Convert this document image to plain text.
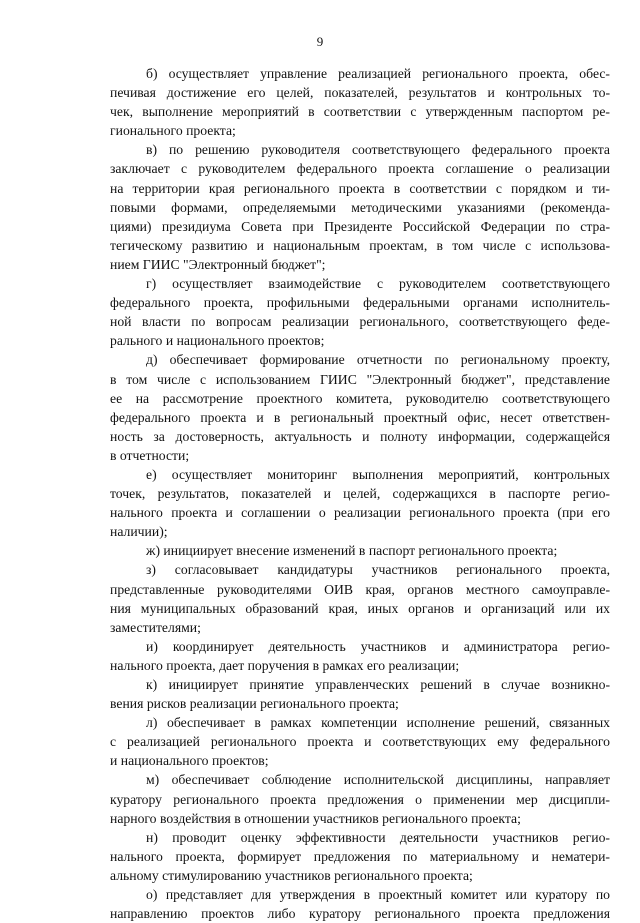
9
б) осуществляет управление реализацией регионального проекта, обес-
печивая достижение его целей, показателей, результатов и контрольных то-
чек, выполнение мероприятий в соответствии с утвержденным паспортом ре-
гионального проекта;
в) по решению руководителя соответствующего федерального проекта
заключает с руководителем федерального проекта соглашение о реализации
на территории края регионального проекта в соответствии с порядком и ти-
повыми формами, определяемыми методическими указаниями (рекоменда-
циями) президиума Совета при Президенте Российской Федерации по стра-
тегическому развитию и национальным проектам, в том числе с использова-
нием ГИИС "Электронный бюджет";
г) осуществляет взаимодействие с руководителем соответствующего
федерального проекта, профильными федеральными органами исполнитель-
ной власти по вопросам реализации регионального, соответствующего феде-
рального и национального проектов;
д) обеспечивает формирование отчетности по региональному проекту,
в том числе с использованием ГИИС "Электронный бюджет", представление
ее на рассмотрение проектного комитета, руководителю соответствующего
федерального проекта и в региональный проектный офис, несет ответствен-
ность за достоверность, актуальность и полноту информации, содержащейся
в отчетности;
е) осуществляет мониторинг выполнения мероприятий, контрольных
точек, результатов, показателей и целей, содержащихся в паспорте регио-
нального проекта и соглашении о реализации регионального проекта (при его
наличии);
ж) инициирует внесение изменений в паспорт регионального проекта;
з) согласовывает кандидатуры участников регионального проекта,
представленные руководителями ОИВ края, органов местного самоуправле-
ния муниципальных образований края, иных органов и организаций или их
заместителями;
и) координирует деятельность участников и администратора регио-
нального проекта, дает поручения в рамках его реализации;
к) инициирует принятие управленческих решений в случае возникно-
вения рисков реализации регионального проекта;
л) обеспечивает в рамках компетенции исполнение решений, связанных
с реализацией регионального проекта и соответствующих ему федерального
и национального проектов;
м) обеспечивает соблюдение исполнительской дисциплины, направляет
куратору регионального проекта предложения о применении мер дисципли-
нарного воздействия в отношении участников регионального проекта;
н) проводит оценку эффективности деятельности участников регио-
нального проекта, формирует предложения по материальному и нематери-
альному стимулированию участников регионального проекта;
о) представляет для утверждения в проектный комитет или куратору по
направлению проектов либо куратору регионального проекта предложения
